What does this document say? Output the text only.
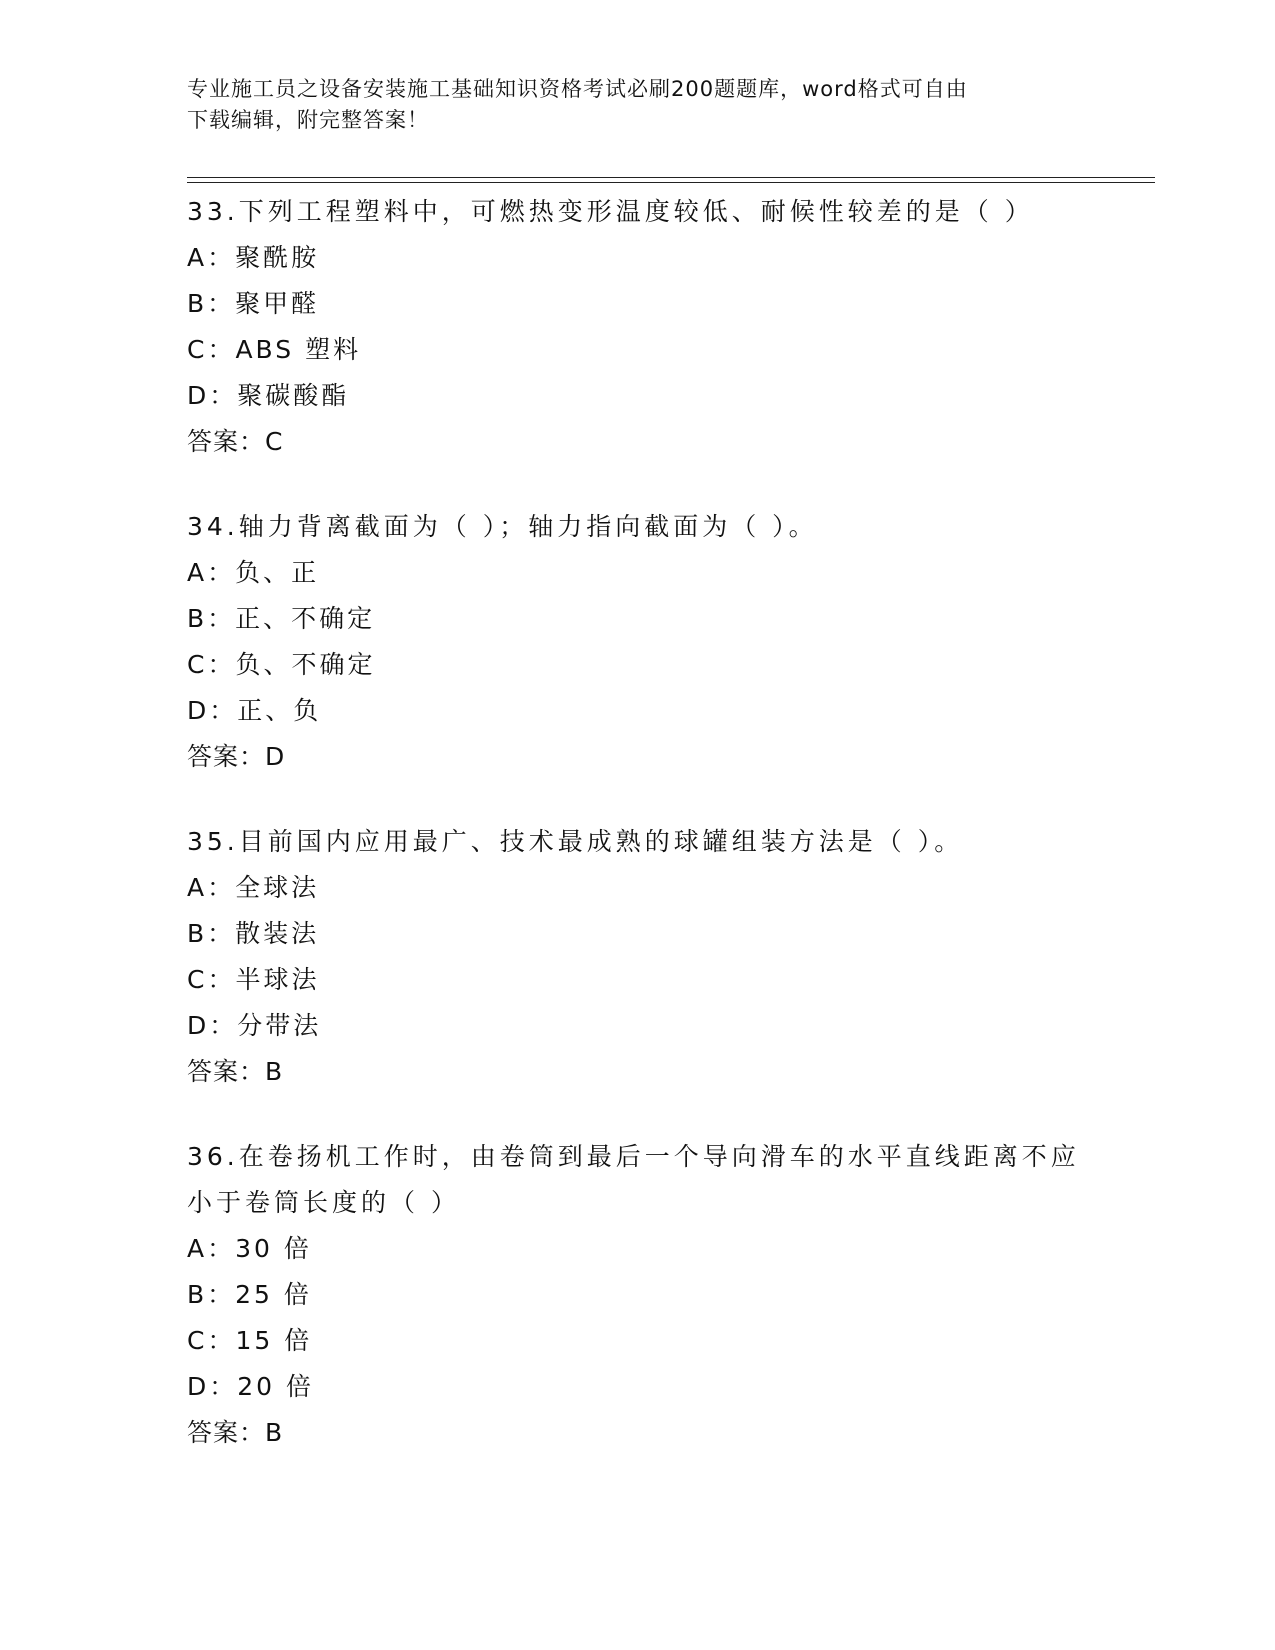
专业施工员之设备安装施工基础知识资格考试必刷200题题库，word格式可自由
下载编辑，附完整答案！

33.下列工程塑料中，可燃热变形温度较低、耐候性较差的是（ ）

A：聚酰胺

B：聚甲醛

C：ABS 塑料

D：聚碳酸酯

答案：C

34.轴力背离截面为（ ）；轴力指向截面为（ ）。

A：负、正

B：正、不确定

C：负、不确定

D：正、负

答案：D

35.目前国内应用最广、技术最成熟的球罐组装方法是（ ）。

A：全球法

B：散装法

C：半球法

D：分带法

答案：B

36.在卷扬机工作时，由卷筒到最后一个导向滑车的水平直线距离不应小于卷筒长度的（ ）

A：30 倍

B：25 倍

C：15 倍

D：20 倍

答案：B
